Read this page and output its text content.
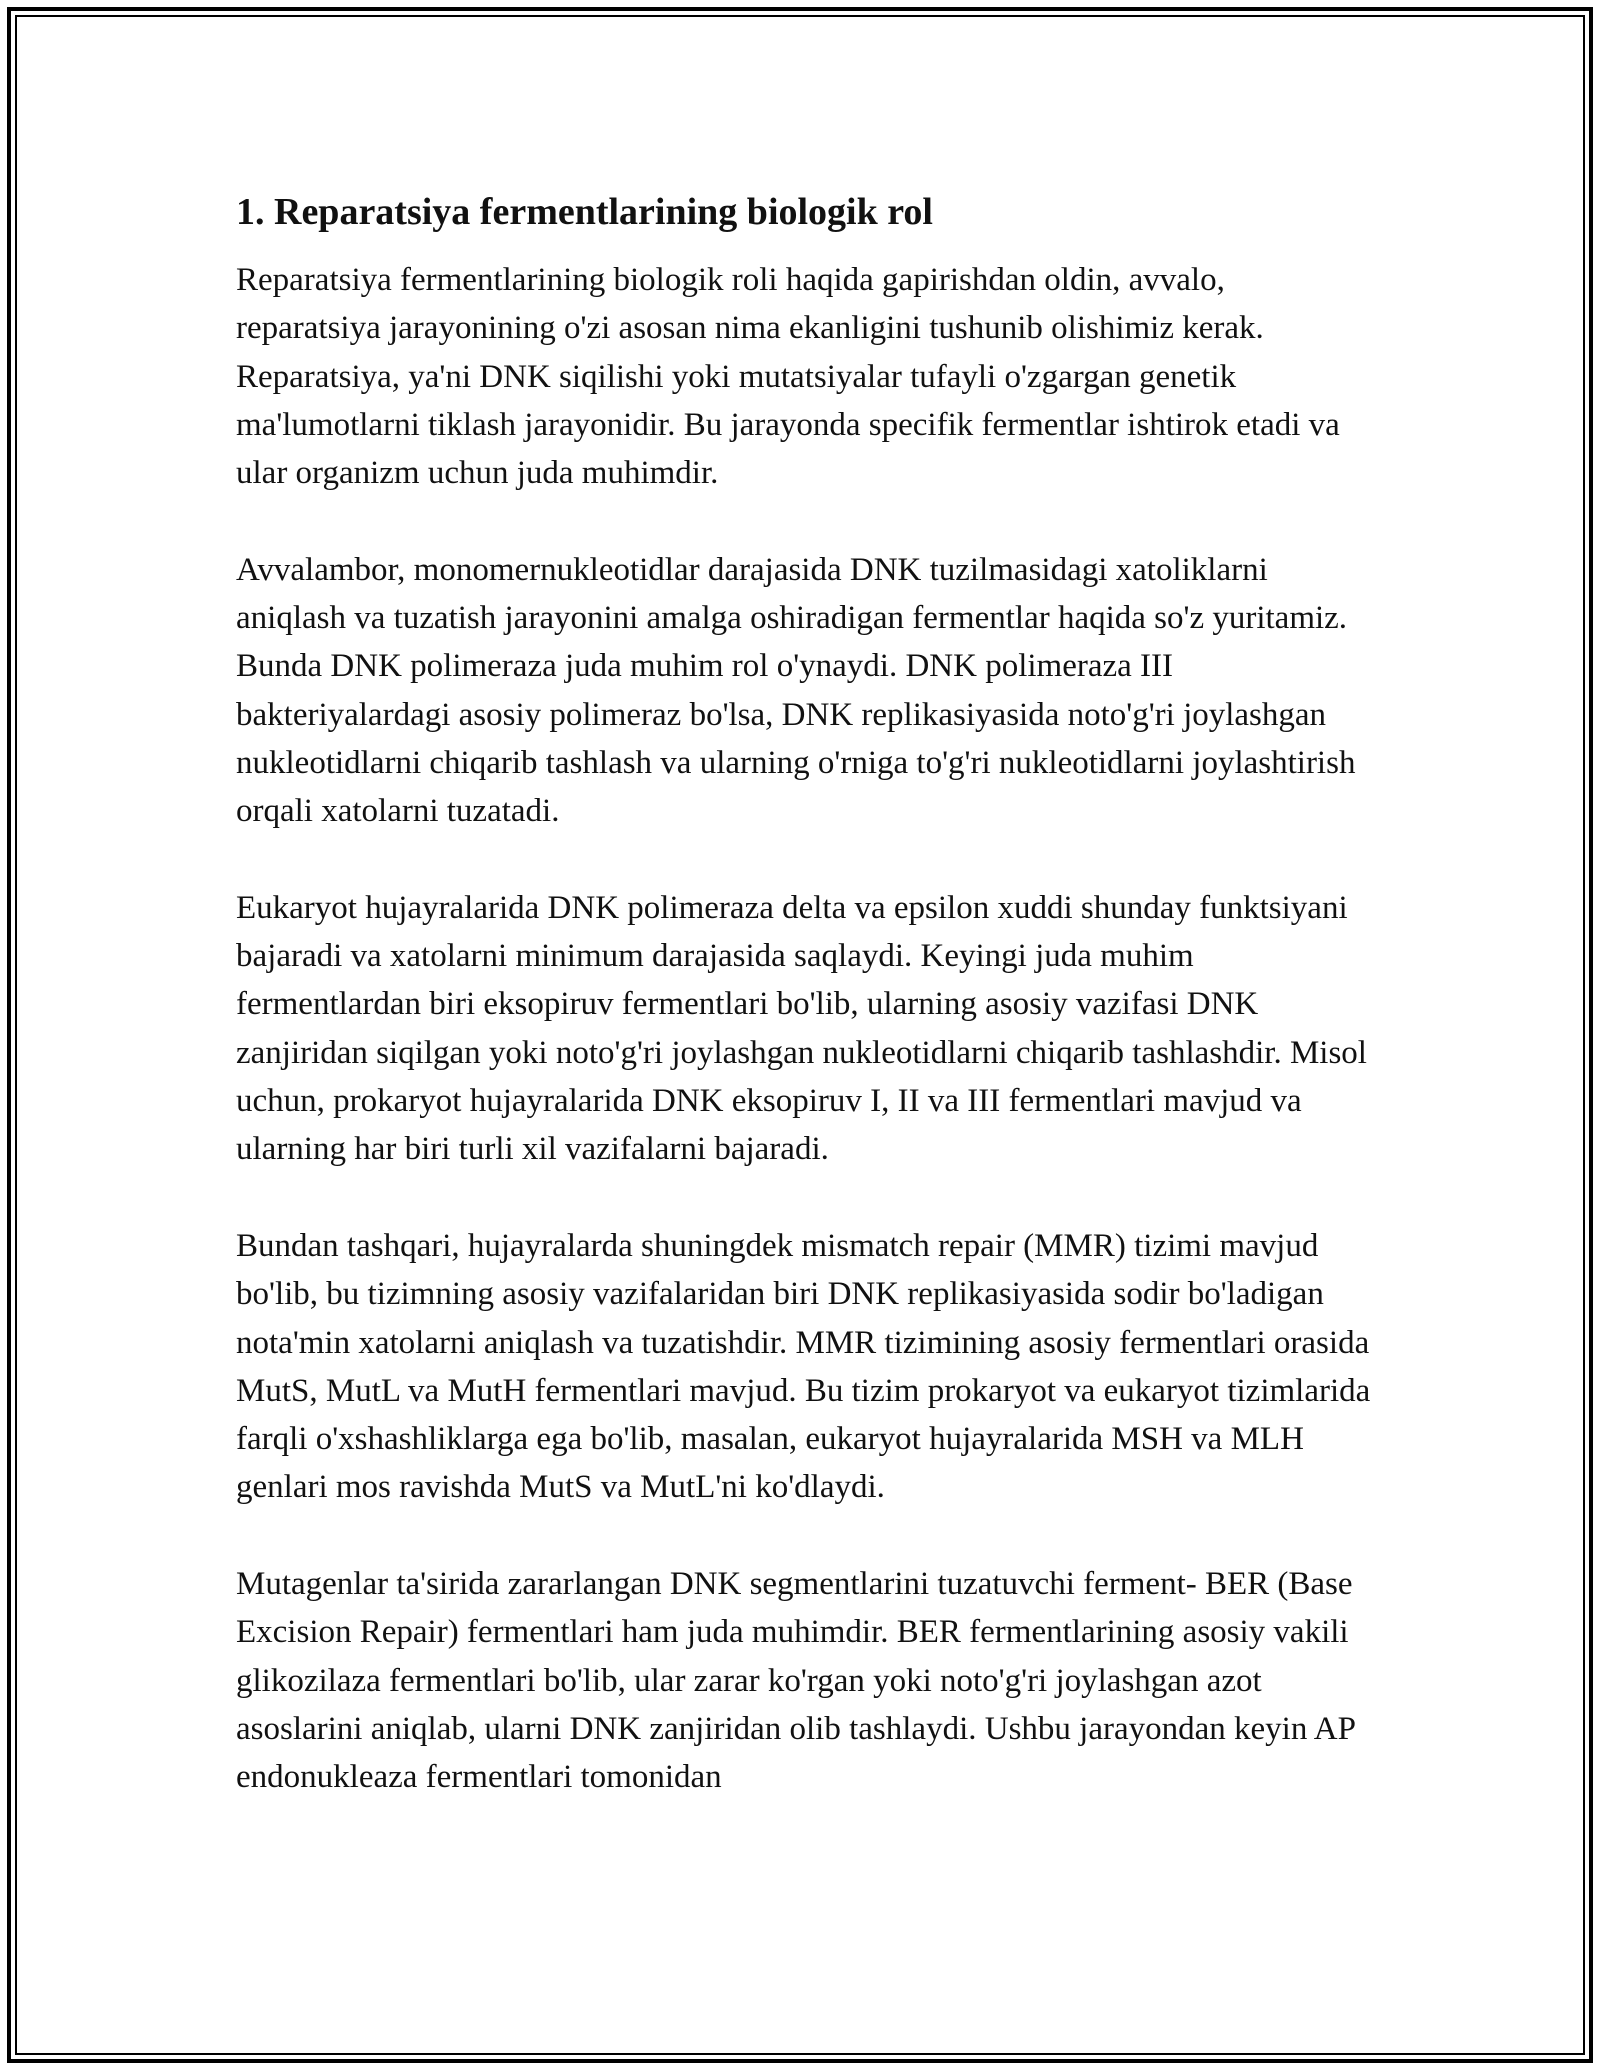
1. Reparatsiya fermentlarining biologik rol

Reparatsiya fermentlarining biologik roli haqida gapirishdan oldin, avvalo, reparatsiya jarayonining o'zi asosan nima ekanligini tushunib olishimiz kerak. Reparatsiya, ya'ni DNK siqilishi yoki mutatsiyalar tufayli o'zgargan genetik ma'lumotlarni tiklash jarayonidir. Bu jarayonda specifik fermentlar ishtirok etadi va ular organizm uchun juda muhimdir.

Avvalambor, monomernukleotidlar darajasida DNK tuzilmasidagi xatoliklarni aniqlash va tuzatish jarayonini amalga oshiradigan fermentlar haqida so'z yuritamiz. Bunda DNK polimeraza juda muhim rol o'ynaydi. DNK polimeraza III bakteriyalardagi asosiy polimeraz bo'lsa, DNK replikasiyasida noto'g'ri joylashgan nukleotidlarni chiqarib tashlash va ularning o'rniga to'g'ri nukleotidlarni joylashtirish orqali xatolarni tuzatadi.

Eukaryot hujayralarida DNK polimeraza delta va epsilon xuddi shunday funktsiyani bajaradi va xatolarni minimum darajasida saqlaydi. Keyingi juda muhim fermentlardan biri eksopiruv fermentlari bo'lib, ularning asosiy vazifasi DNK zanjiridan siqilgan yoki noto'g'ri joylashgan nukleotidlarni chiqarib tashlashdir. Misol uchun, prokaryot hujayralarida DNK eksopiruv I, II va III fermentlari mavjud va ularning har biri turli xil vazifalarni bajaradi.

Bundan tashqari, hujayralarda shuningdek mismatch repair (MMR) tizimi mavjud bo'lib, bu tizimning asosiy vazifalaridan biri DNK replikasiyasida sodir bo'ladigan nota'min xatolarni aniqlash va tuzatishdir. MMR tizimining asosiy fermentlari orasida MutS, MutL va MutH fermentlari mavjud. Bu tizim prokaryot va eukaryot tizimlarida farqli o'xshashliklarga ega bo'lib, masalan, eukaryot hujayralarida MSH va MLH genlari mos ravishda MutS va MutL'ni ko'dlaydi.

Mutagenlar ta'sirida zararlangan DNK segmentlarini tuzatuvchi ferment- BER (Base Excision Repair) fermentlari ham juda muhimdir. BER fermentlarining asosiy vakili glikozilaza fermentlari bo'lib, ular zarar ko'rgan yoki noto'g'ri joylashgan azot asoslarini aniqlab, ularni DNK zanjiridan olib tashlaydi. Ushbu jarayondan keyin AP endonukleaza fermentlari tomonidan
